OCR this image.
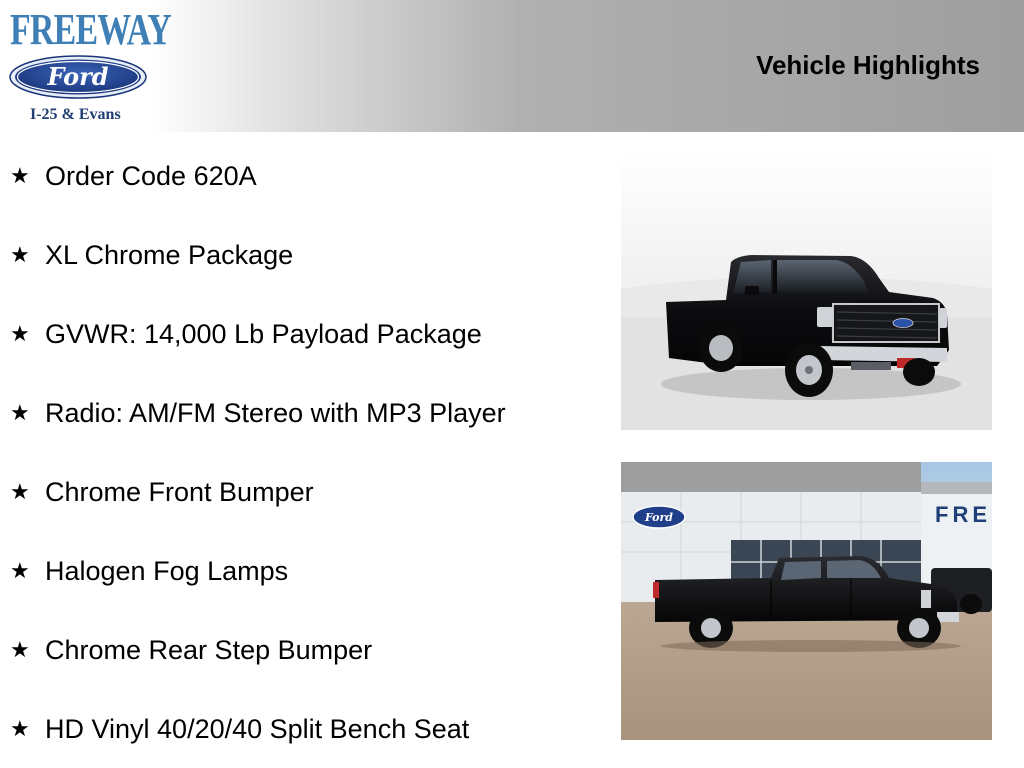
FREEWAY
Ford
I-25 & Evans
Vehicle Highlights
★ Order Code 620A
★ XL Chrome Package
★ GVWR: 14,000 Lb Payload Package
★ Radio: AM/FM Stereo with MP3 Player
★ Chrome Front Bumper
★ Halogen Fog Lamps
★ Chrome Rear Step Bumper
★ HD Vinyl 40/20/40 Split Bench Seat
FRE
Ford
